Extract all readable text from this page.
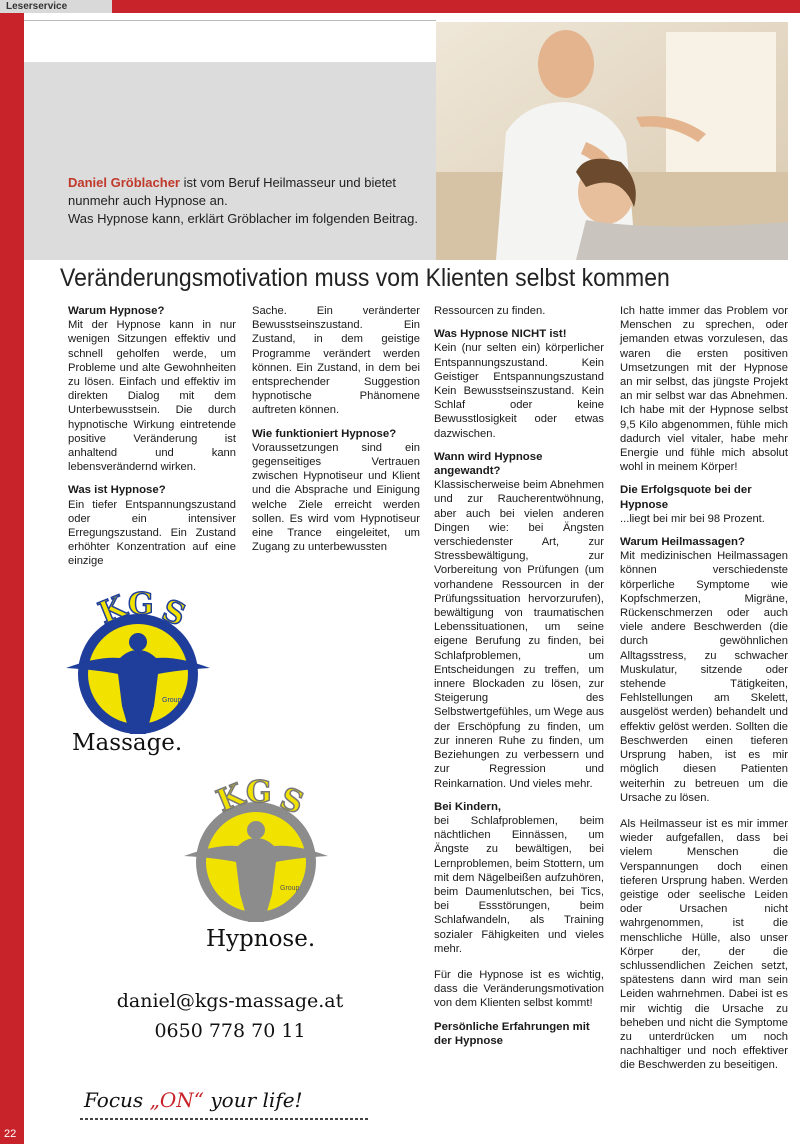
Leserservice
Daniel Gröblacher ist vom Beruf Heilmasseur und bietet nunmehr auch Hypnose an.
Was Hypnose kann, erklärt Gröblacher im folgenden Beitrag.
Veränderungsmotivation muss vom Klienten selbst kommen
Warum Hypnose?

Mit der Hypnose kann in nur wenigen Sitzungen effektiv und schnell geholfen werde, um Probleme und alte Gewohnheiten zu lösen. Einfach und effektiv im direkten Dialog mit dem Unterbewusstsein. Die durch hypnotische Wirkung eintretende positive Veränderung ist anhaltend und kann lebensverändernd wirken.

Was ist Hypnose?

Ein tiefer Entspannungszustand oder ein intensiver Erregungszustand. Ein Zustand erhöhter Konzentration auf eine einzige

Sache. Ein veränderter Bewusstseinszustand. Ein Zustand, in dem geistige Programme verändert werden können. Ein Zustand, in dem bei entsprechender Suggestion hypnotische Phänomene auftreten können.

Wie funktioniert Hypnose?

Voraussetzungen sind ein gegenseitiges Vertrauen zwischen Hypnotiseur und Klient und die Absprache und Einigung welche Ziele erreicht werden sollen. Es wird vom Hypnotiseur eine Trance eingeleitet, um Zugang zu unterbewussten

Ressourcen zu finden.

Was Hypnose NICHT ist!

Kein (nur selten ein) körperlicher Entspannungszustand. Kein Geistiger Entspannungszustand Kein Bewusstseinszustand. Kein Schlaf oder keine Bewusstlosigkeit oder etwas dazwischen.

Wann wird Hypnose angewandt?

Klassischerweise beim Abnehmen und zur Raucherentwöhnung, aber auch bei vielen anderen Dingen wie: bei Ängsten verschiedenster Art, zur Stressbewältigung, zur Vorbereitung von Prüfungen (um vorhandene Ressourcen in der Prüfungssituation hervorzurufen), bewältigung von traumatischen Lebenssituationen, um seine eigene Berufung zu finden, bei Schlafproblemen, um Entscheidungen zu treffen, um innere Blockaden zu lösen, zur Steigerung des Selbstwertgefühles, um Wege aus der Erschöpfung zu finden, um zur inneren Ruhe zu finden, um Beziehungen zu verbessern und zur Regression und Reinkarnation. Und vieles mehr.

Bei Kindern,

bei Schlafproblemen, beim nächtlichen Einnässen, um Ängste zu bewältigen, bei Lernproblemen, beim Stottern, um mit dem Nägelbeißen aufzuhören, beim Daumenlutschen, bei Tics, bei Essstörungen, beim Schlafwandeln, als Training sozialer Fähigkeiten und vieles mehr.

Für die Hypnose ist es wichtig, dass die Veränderungsmotivation von dem Klienten selbst kommt!

Persönliche Erfahrungen mit der Hypnose

Ich hatte immer das Problem vor Menschen zu sprechen, oder jemanden etwas vorzulesen, das waren die ersten positiven Umsetzungen mit der Hypnose an mir selbst, das jüngste Projekt an mir selbst war das Abnehmen. Ich habe mit der Hypnose selbst 9,5 Kilo abgenommen, fühle mich dadurch viel vitaler, habe mehr Energie und fühle mich absolut wohl in meinem Körper!

Die Erfolgsquote bei der Hypnose

...liegt bei mir bei 98 Prozent.

Warum Heilmassagen?

Mit medizinischen Heilmassagen können verschiedenste körperliche Symptome wie Kopfschmerzen, Migräne, Rückenschmerzen oder auch viele andere Beschwerden (die durch gewöhnlichen Alltagsstress, zu schwacher Muskulatur, sitzende oder stehende Tätigkeiten, Fehlstellungen am Skelett, ausgelöst werden) behandelt und effektiv gelöst werden. Sollten die Beschwerden einen tieferen Ursprung haben, ist es mir möglich diesen Patienten weiterhin zu betreuen um die Ursache zu lösen.

Als Heilmasseur ist es mir immer wieder aufgefallen, dass bei vielem Menschen die Verspannungen doch einen tieferen Ursprung haben. Werden geistige oder seelische Leiden oder Ursachen nicht wahrgenommen, ist die menschliche Hülle, also unser Körper der, der die schlussendlichen Zeichen setzt, spätestens dann wird man sein Leiden wahrnehmen. Dabei ist es mir wichtig die Ursache zu beheben und nicht die Symptome zu unterdrücken um noch nachhaltiger und noch effektiver die Beschwerden zu beseitigen.

K
G S
Group
Massage.
K
G S
Group
Hypnose.
daniel@kgs-massage.at
0650 778 70 11
Focus „ON“ your life!
22
